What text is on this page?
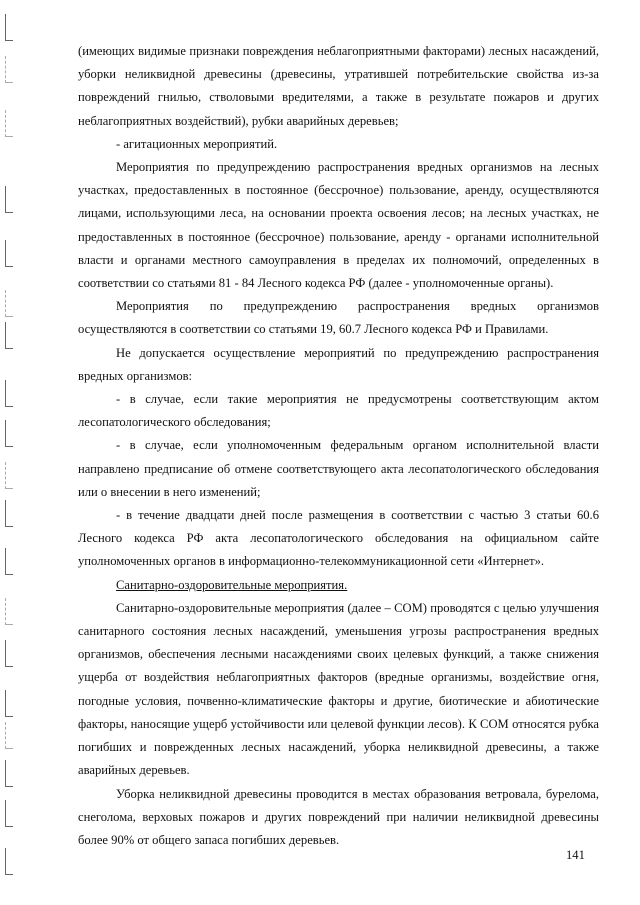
(имеющих видимые признаки повреждения неблагоприятными факторами) лесных насаждений, уборки неликвидной древесины (древесины, утратившей потребительские свойства из-за повреждений гнилью, стволовыми вредителями, а также в результате пожаров и других неблагоприятных воздействий), рубки аварийных деревьев;

- агитационных мероприятий.

Мероприятия по предупреждению распространения вредных организмов на лесных участках, предоставленных в постоянное (бессрочное) пользование, аренду, осуществляются лицами, использующими леса, на основании проекта освоения лесов; на лесных участках, не предоставленных в постоянное (бессрочное) пользование, аренду - органами исполнительной власти и органами местного самоуправления в пределах их полномочий, определенных в соответствии со статьями 81 - 84 Лесного кодекса РФ (далее - уполномоченные органы).

Мероприятия по предупреждению распространения вредных организмов осуществляются в соответствии со статьями 19, 60.7 Лесного кодекса РФ и Правилами.

Не допускается осуществление мероприятий по предупреждению распространения вредных организмов:

- в случае, если такие мероприятия не предусмотрены соответствующим актом лесопатологического обследования;

- в случае, если уполномоченным федеральным органом исполнительной власти направлено предписание об отмене соответствующего акта лесопатологического обследования или о внесении в него изменений;

- в течение двадцати дней после размещения в соответствии с частью 3 статьи 60.6 Лесного кодекса РФ акта лесопатологического обследования на официальном сайте уполномоченных органов в информационно-телекоммуникационной сети «Интернет».

Санитарно-оздоровительные мероприятия.

Санитарно-оздоровительные мероприятия (далее – СОМ) проводятся с целью улучшения санитарного состояния лесных насаждений, уменьшения угрозы распространения вредных организмов, обеспечения лесными насаждениями своих целевых функций, а также снижения ущерба от воздействия неблагоприятных факторов (вредные организмы, воздействие огня, погодные условия, почвенно-климатические факторы и другие, биотические и абиотические факторы, наносящие ущерб устойчивости или целевой функции лесов). К СОМ относятся рубка погибших и поврежденных лесных насаждений, уборка неликвидной древесины, а также аварийных деревьев.

Уборка неликвидной древесины проводится в местах образования ветровала, бурелома, снеголома, верховых пожаров и других повреждений при наличии неликвидной древесины более 90% от общего запаса погибших деревьев.

141
